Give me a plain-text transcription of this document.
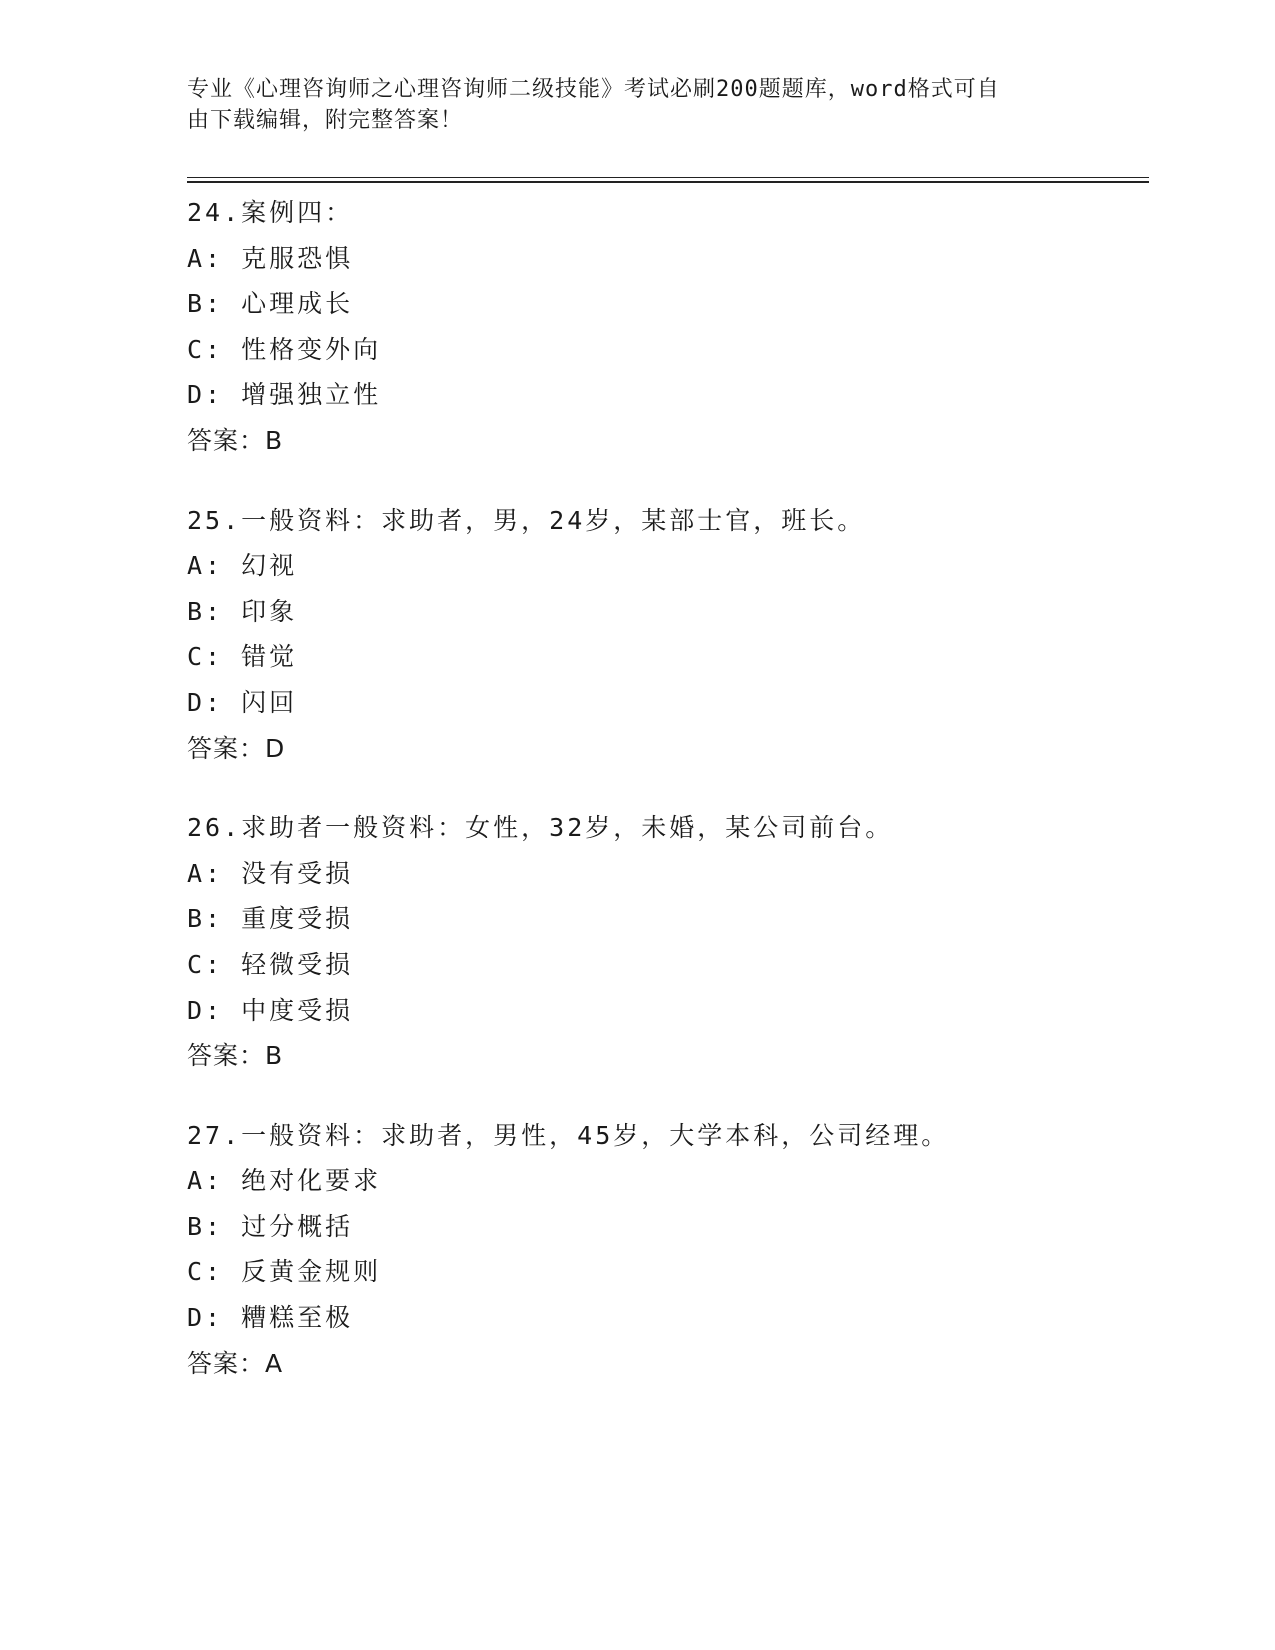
专业《心理咨询师之心理咨询师二级技能》考试必刷200题题库，word格式可自
由下载编辑，附完整答案！
24.案例四：
A: 克服恐惧
B: 心理成长
C: 性格变外向
D: 增强独立性
答案：B
25.一般资料：求助者，男，24岁，某部士官，班长。
A: 幻视
B: 印象
C: 错觉
D: 闪回
答案：D
26.求助者一般资料：女性，32岁，未婚，某公司前台。
A: 没有受损
B: 重度受损
C: 轻微受损
D: 中度受损
答案：B
27.一般资料：求助者，男性，45岁，大学本科，公司经理。
A: 绝对化要求
B: 过分概括
C: 反黄金规则
D: 糟糕至极
答案：A
